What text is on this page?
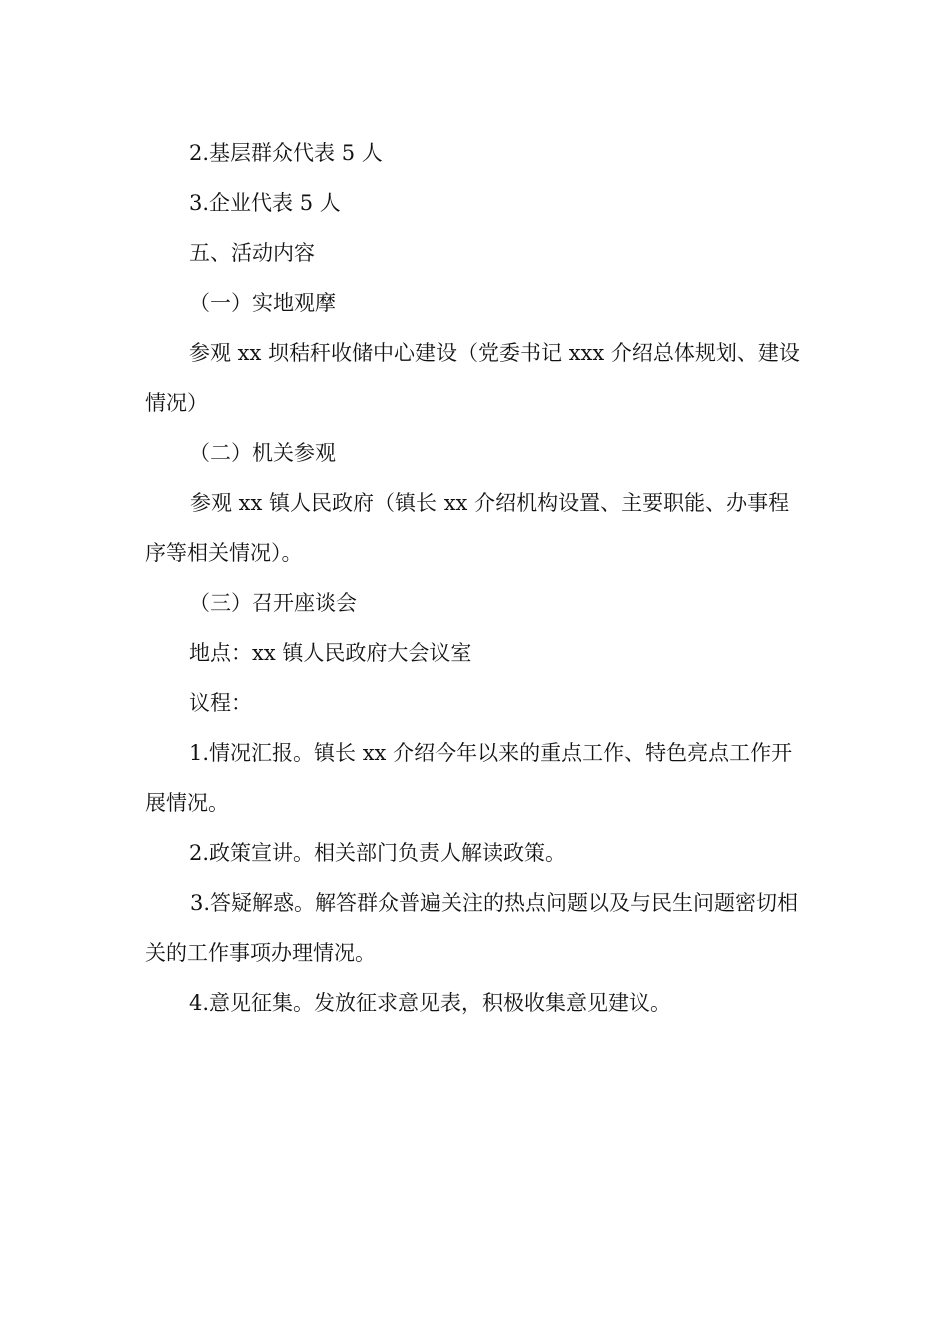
2.基层群众代表 5 人

3.企业代表 5 人

五、活动内容

（一）实地观摩

参观 xx 坝秸秆收储中心建设（党委书记 xxx 介绍总体规划、建设情况）

（二）机关参观

参观 xx 镇人民政府（镇长 xx 介绍机构设置、主要职能、办事程序等相关情况）。

（三）召开座谈会

地点：xx 镇人民政府大会议室

议程：

1.情况汇报。镇长 xx 介绍今年以来的重点工作、特色亮点工作开展情况。

2.政策宣讲。相关部门负责人解读政策。

3.答疑解惑。解答群众普遍关注的热点问题以及与民生问题密切相关的工作事项办理情况。

4.意见征集。发放征求意见表，积极收集意见建议。
